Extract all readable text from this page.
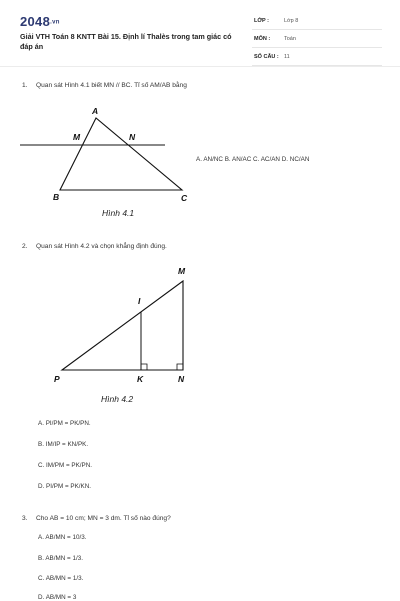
2048.vn
Giải VTH Toán 8 KNTT Bài 15. Định lí Thalès trong tam giác có đáp án
LỚP :	Lớp 8
MÔN :	Toán
SỐ CÂU : 11
1. Quan sát Hình 4.1 biết MN // BC. Tỉ số AM/AB bằng
A
M	N
B	C
Hình 4.1
A. AN/NC B. AN/AC C. AC/AN D. NC/AN
2. Quan sát Hình 4.2 và chọn khẳng định đúng.
M
I
P	K	N
Hình 4.2
A. PI/PM = PK/PN.
B. IM/IP = KN/PK.
C. IM/PM = PK/PN.
D. PI/PM = PK/KN.
3. Cho AB = 10 cm; MN = 3 dm. Tỉ số nào đúng?
A. AB/MN = 10/3.
B. AB/MN = 1/3.
C. AB/MN = 1/3.
D. AB/MN = 3
